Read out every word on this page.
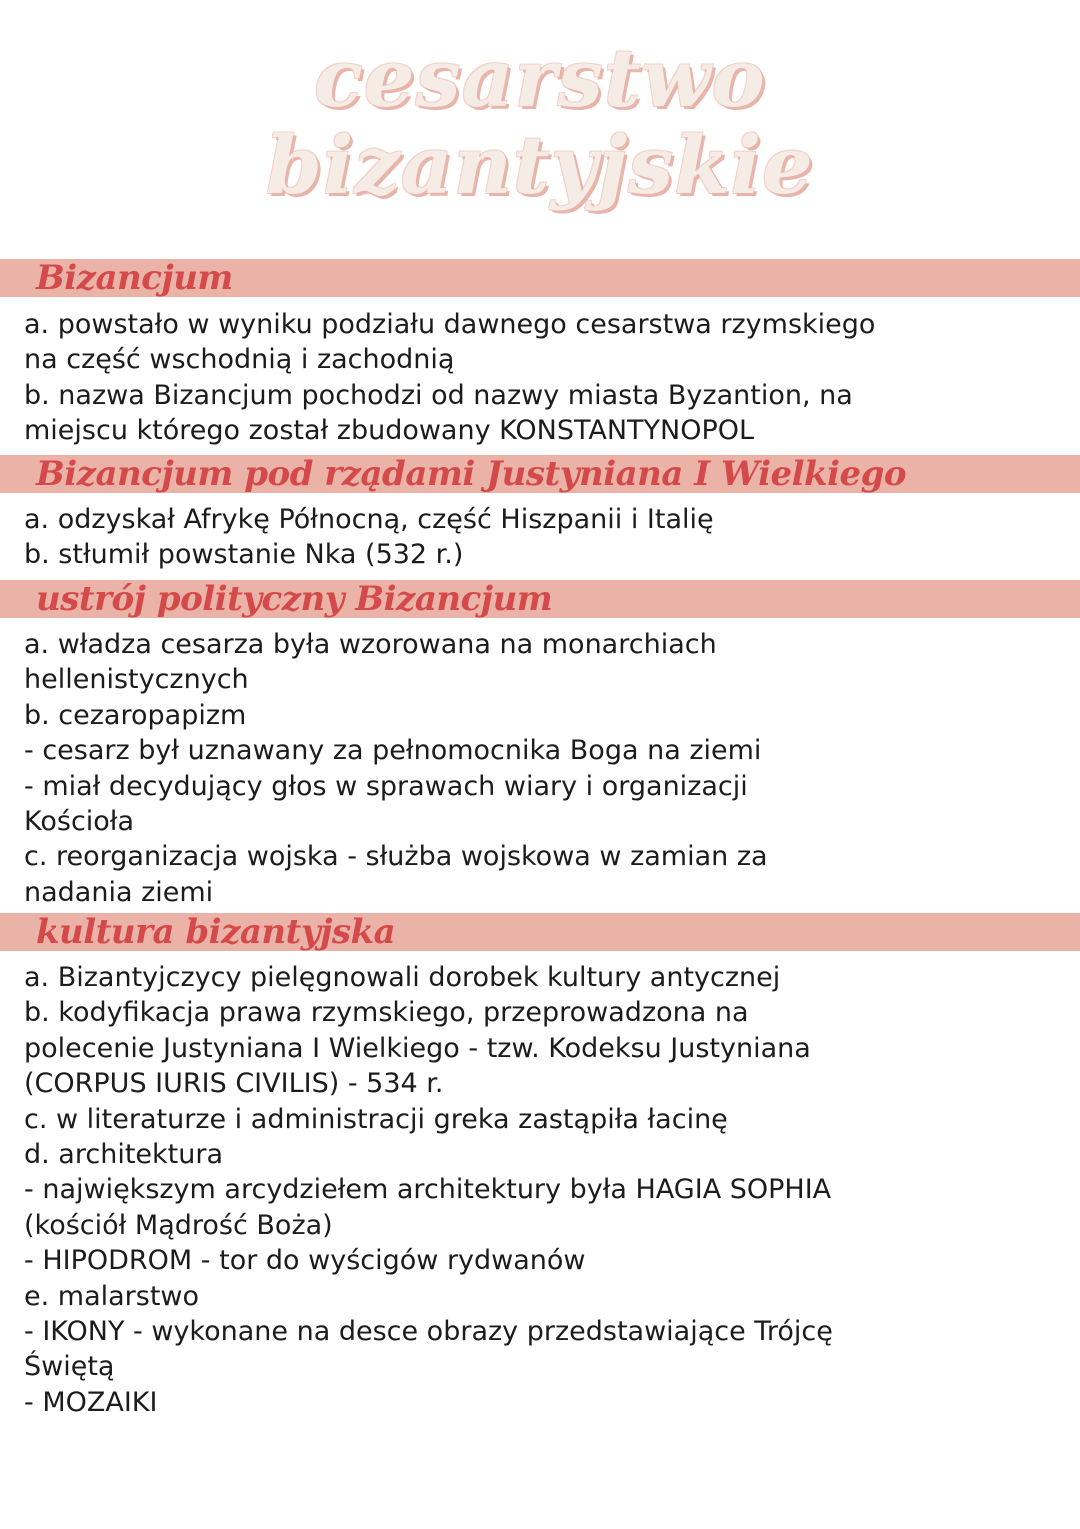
cesarstwo
bizantyjskie
Bizancjum

a. powstało w wyniku podziału dawnego cesarstwa rzymskiego

na część wschodnią i zachodnią

b. nazwa Bizancjum pochodzi od nazwy miasta Byzantion, na

miejscu którego został zbudowany KONSTANTYNOPOL

Bizancjum pod rządami Justyniana I Wielkiego

a. odzyskał Afrykę Północną, część Hiszpanii i Italię

b. stłumił powstanie Nka (532 r.)

ustrój polityczny Bizancjum

a. władza cesarza była wzorowana na monarchiach

hellenistycznych

b. cezaropapizm

- cesarz był uznawany za pełnomocnika Boga na ziemi

- miał decydujący głos w sprawach wiary i organizacji

Kościoła

c. reorganizacja wojska - służba wojskowa w zamian za

nadania ziemi

kultura bizantyjska

a. Bizantyjczycy pielęgnowali dorobek kultury antycznej

b. kodyfikacja prawa rzymskiego, przeprowadzona na

polecenie Justyniana I Wielkiego - tzw. Kodeksu Justyniana

(CORPUS IURIS CIVILIS) - 534 r.

c. w literaturze i administracji greka zastąpiła łacinę

d. architektura

- największym arcydziełem architektury była HAGIA SOPHIA

(kościół Mądrość Boża)

- HIPODROM - tor do wyścigów rydwanów

e. malarstwo

- IKONY - wykonane na desce obrazy przedstawiające Trójcę

Świętą

- MOZAIKI
